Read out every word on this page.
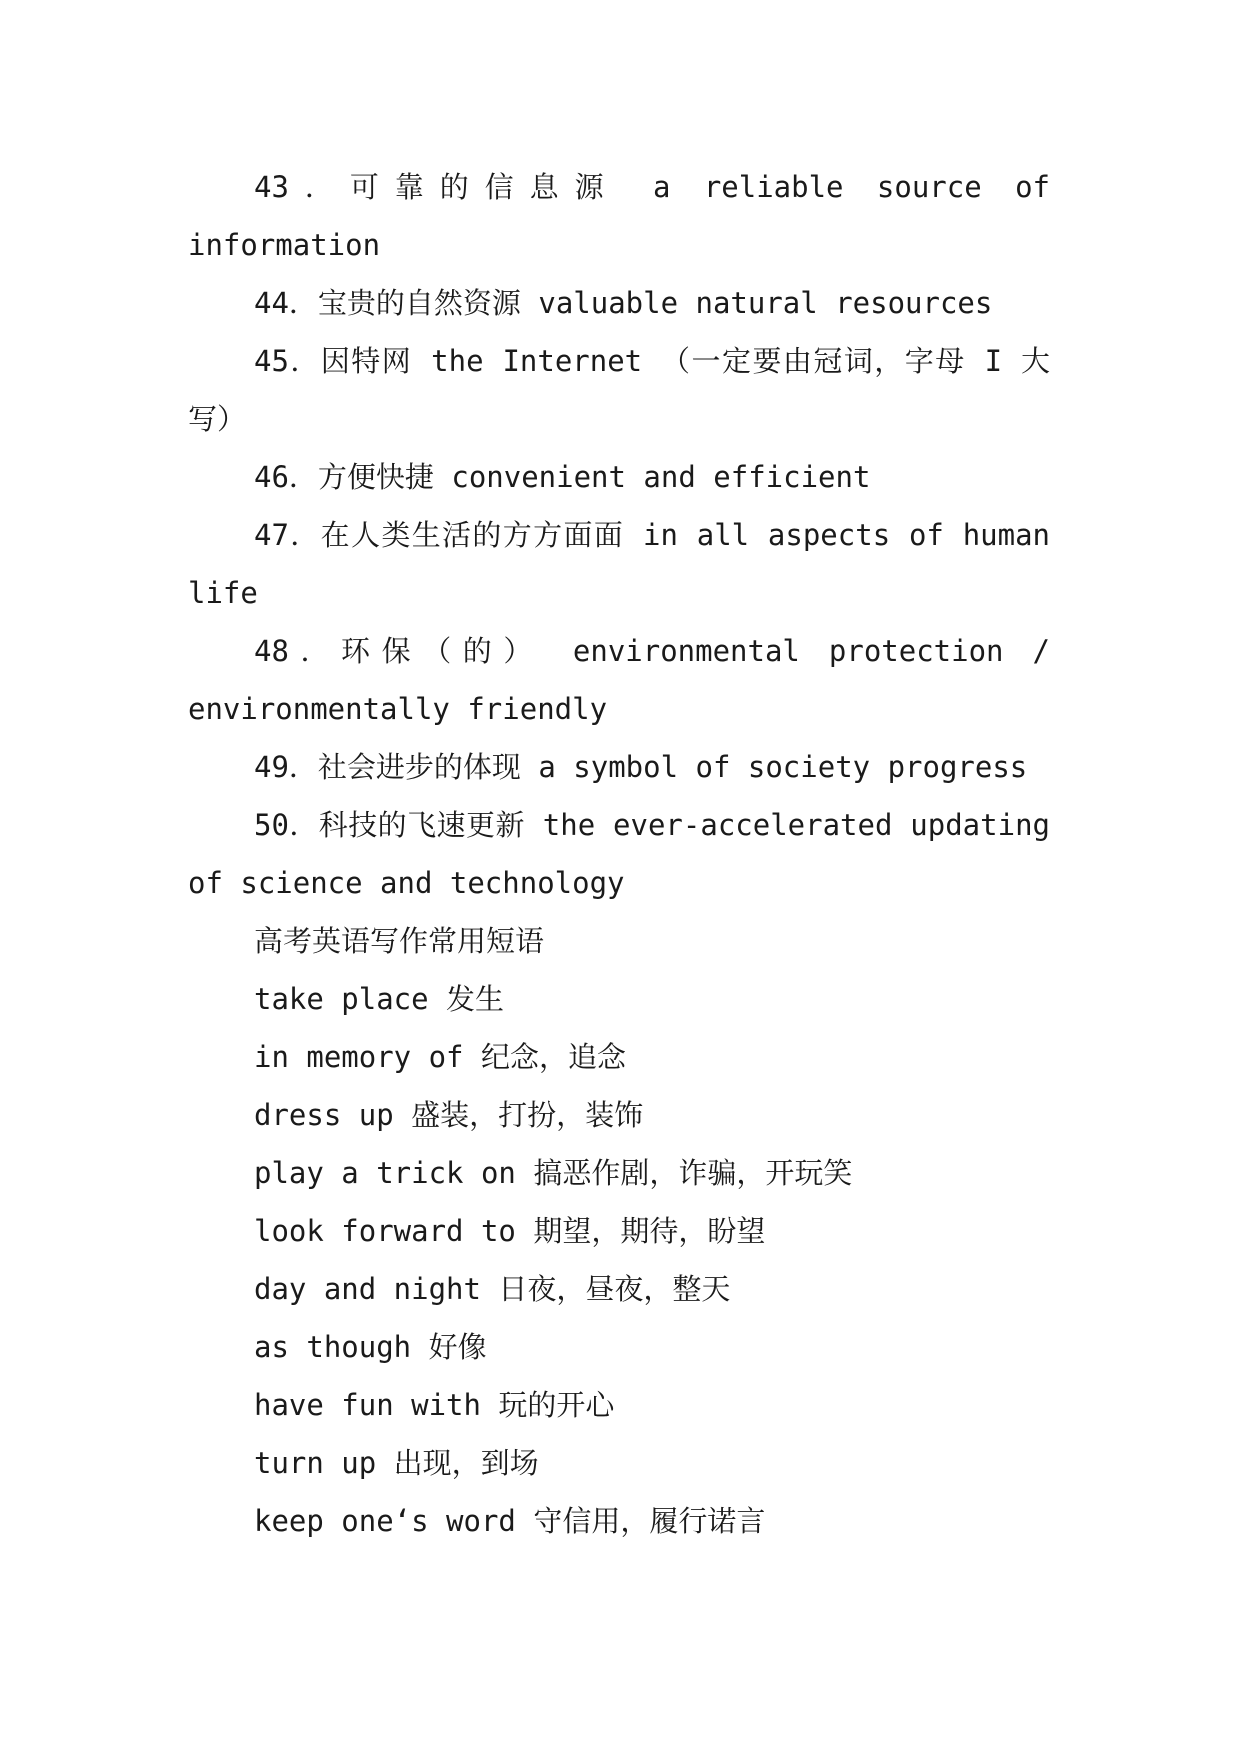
43．可靠的信息源 a reliable source of
information
44．宝贵的自然资源 valuable natural resources
45．因特网 the Internet （一定要由冠词，字母 I 大
写）
46．方便快捷 convenient and efficient
47．在人类生活的方方面面 in all aspects of human
life
48．环保（的） environmental protection /
environmentally friendly
49．社会进步的体现 a symbol of society progress
50．科技的飞速更新 the ever-accelerated updating
of science and technology
高考英语写作常用短语
take place 发生
in memory of 纪念，追念
dress up 盛装，打扮，装饰
play a trick on 搞恶作剧，诈骗，开玩笑
look forward to 期望，期待，盼望
day and night 日夜，昼夜，整天
as though 好像
have fun with 玩的开心
turn up 出现，到场
keep one‘s word 守信用，履行诺言
